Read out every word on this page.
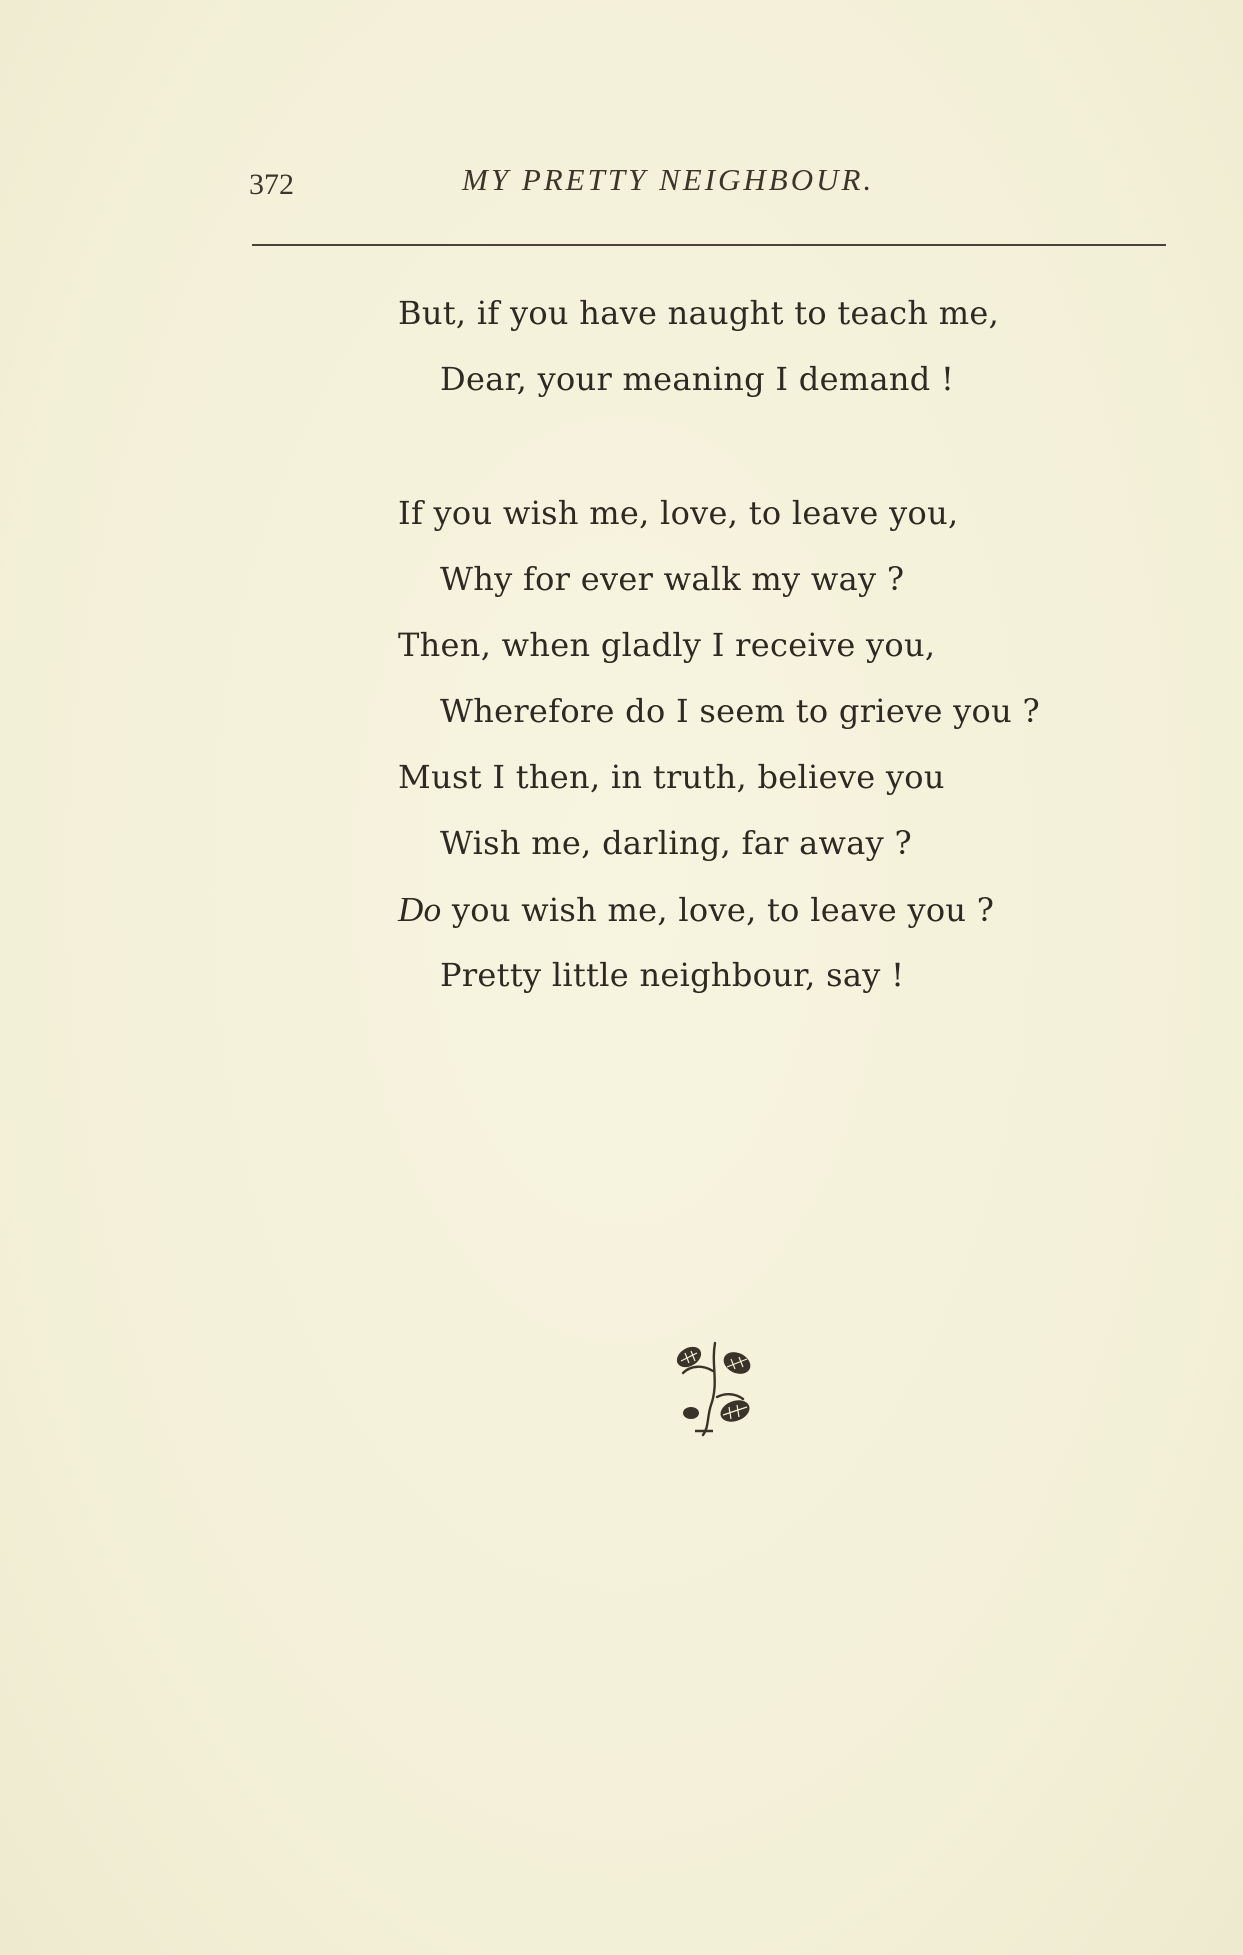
372	MY PRETTY NEIGHBOUR.
But, if you have naught to teach me,
Dear, your meaning I demand !
If you wish me, love, to leave you,
Why for ever walk my way ?
Then, when gladly I receive you,
Wherefore do I seem to grieve you ?
Must I then, in truth, believe you
Wish me, darling, far away ?
Do you wish me, love, to leave you ?
Pretty little neighbour, say !
